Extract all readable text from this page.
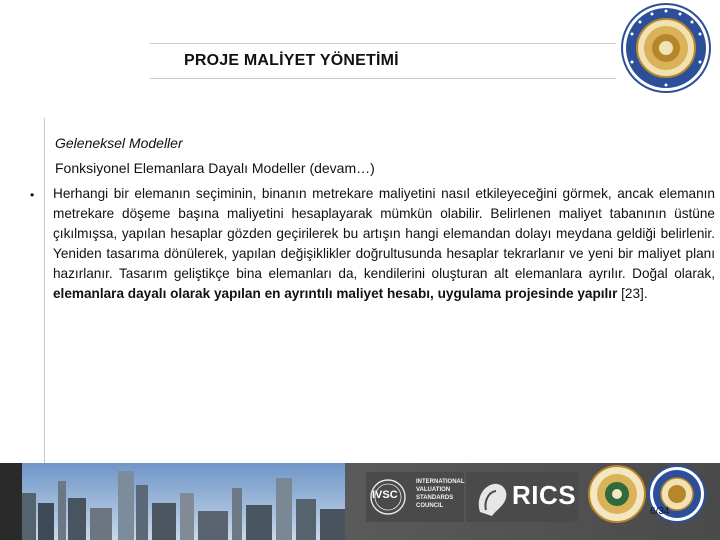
PROJE MALİYET YÖNETİMİ
Geleneksel Modeller
Fonksiyonel Elemanlara Dayalı Modeller (devam…)
• Herhangi bir elemanın seçiminin, binanın metrekare maliyetini nasıl etkileyeceğini görmek, ancak elemanın metrekare döşeme başına maliyetini hesaplayarak mümkün olabilir. Belirlenen maliyet tabanının üstüne çıkılmışsa, yapılan hesaplar gözden geçirilerek bu artışın hangi elemandan dolayı meydana geldiği belirlenir. Yeniden tasarıma dönülerek, yapılan değişiklikler doğrultusunda hesaplar tekrarlanır ve yeni bir maliyet planı hazırlanır. Tasarım geliştikçe bina elemanları da, kendilerini oluşturan alt elemanlara ayrılır. Doğal olarak, elemanlara dayalı olarak yapılan en ayrıntılı maliyet hesabı, uygulama projesinde yapılır [23].
IVSC
INTERNATIONAL VALUATION STANDARDS COUNCIL	RICS
6/34
